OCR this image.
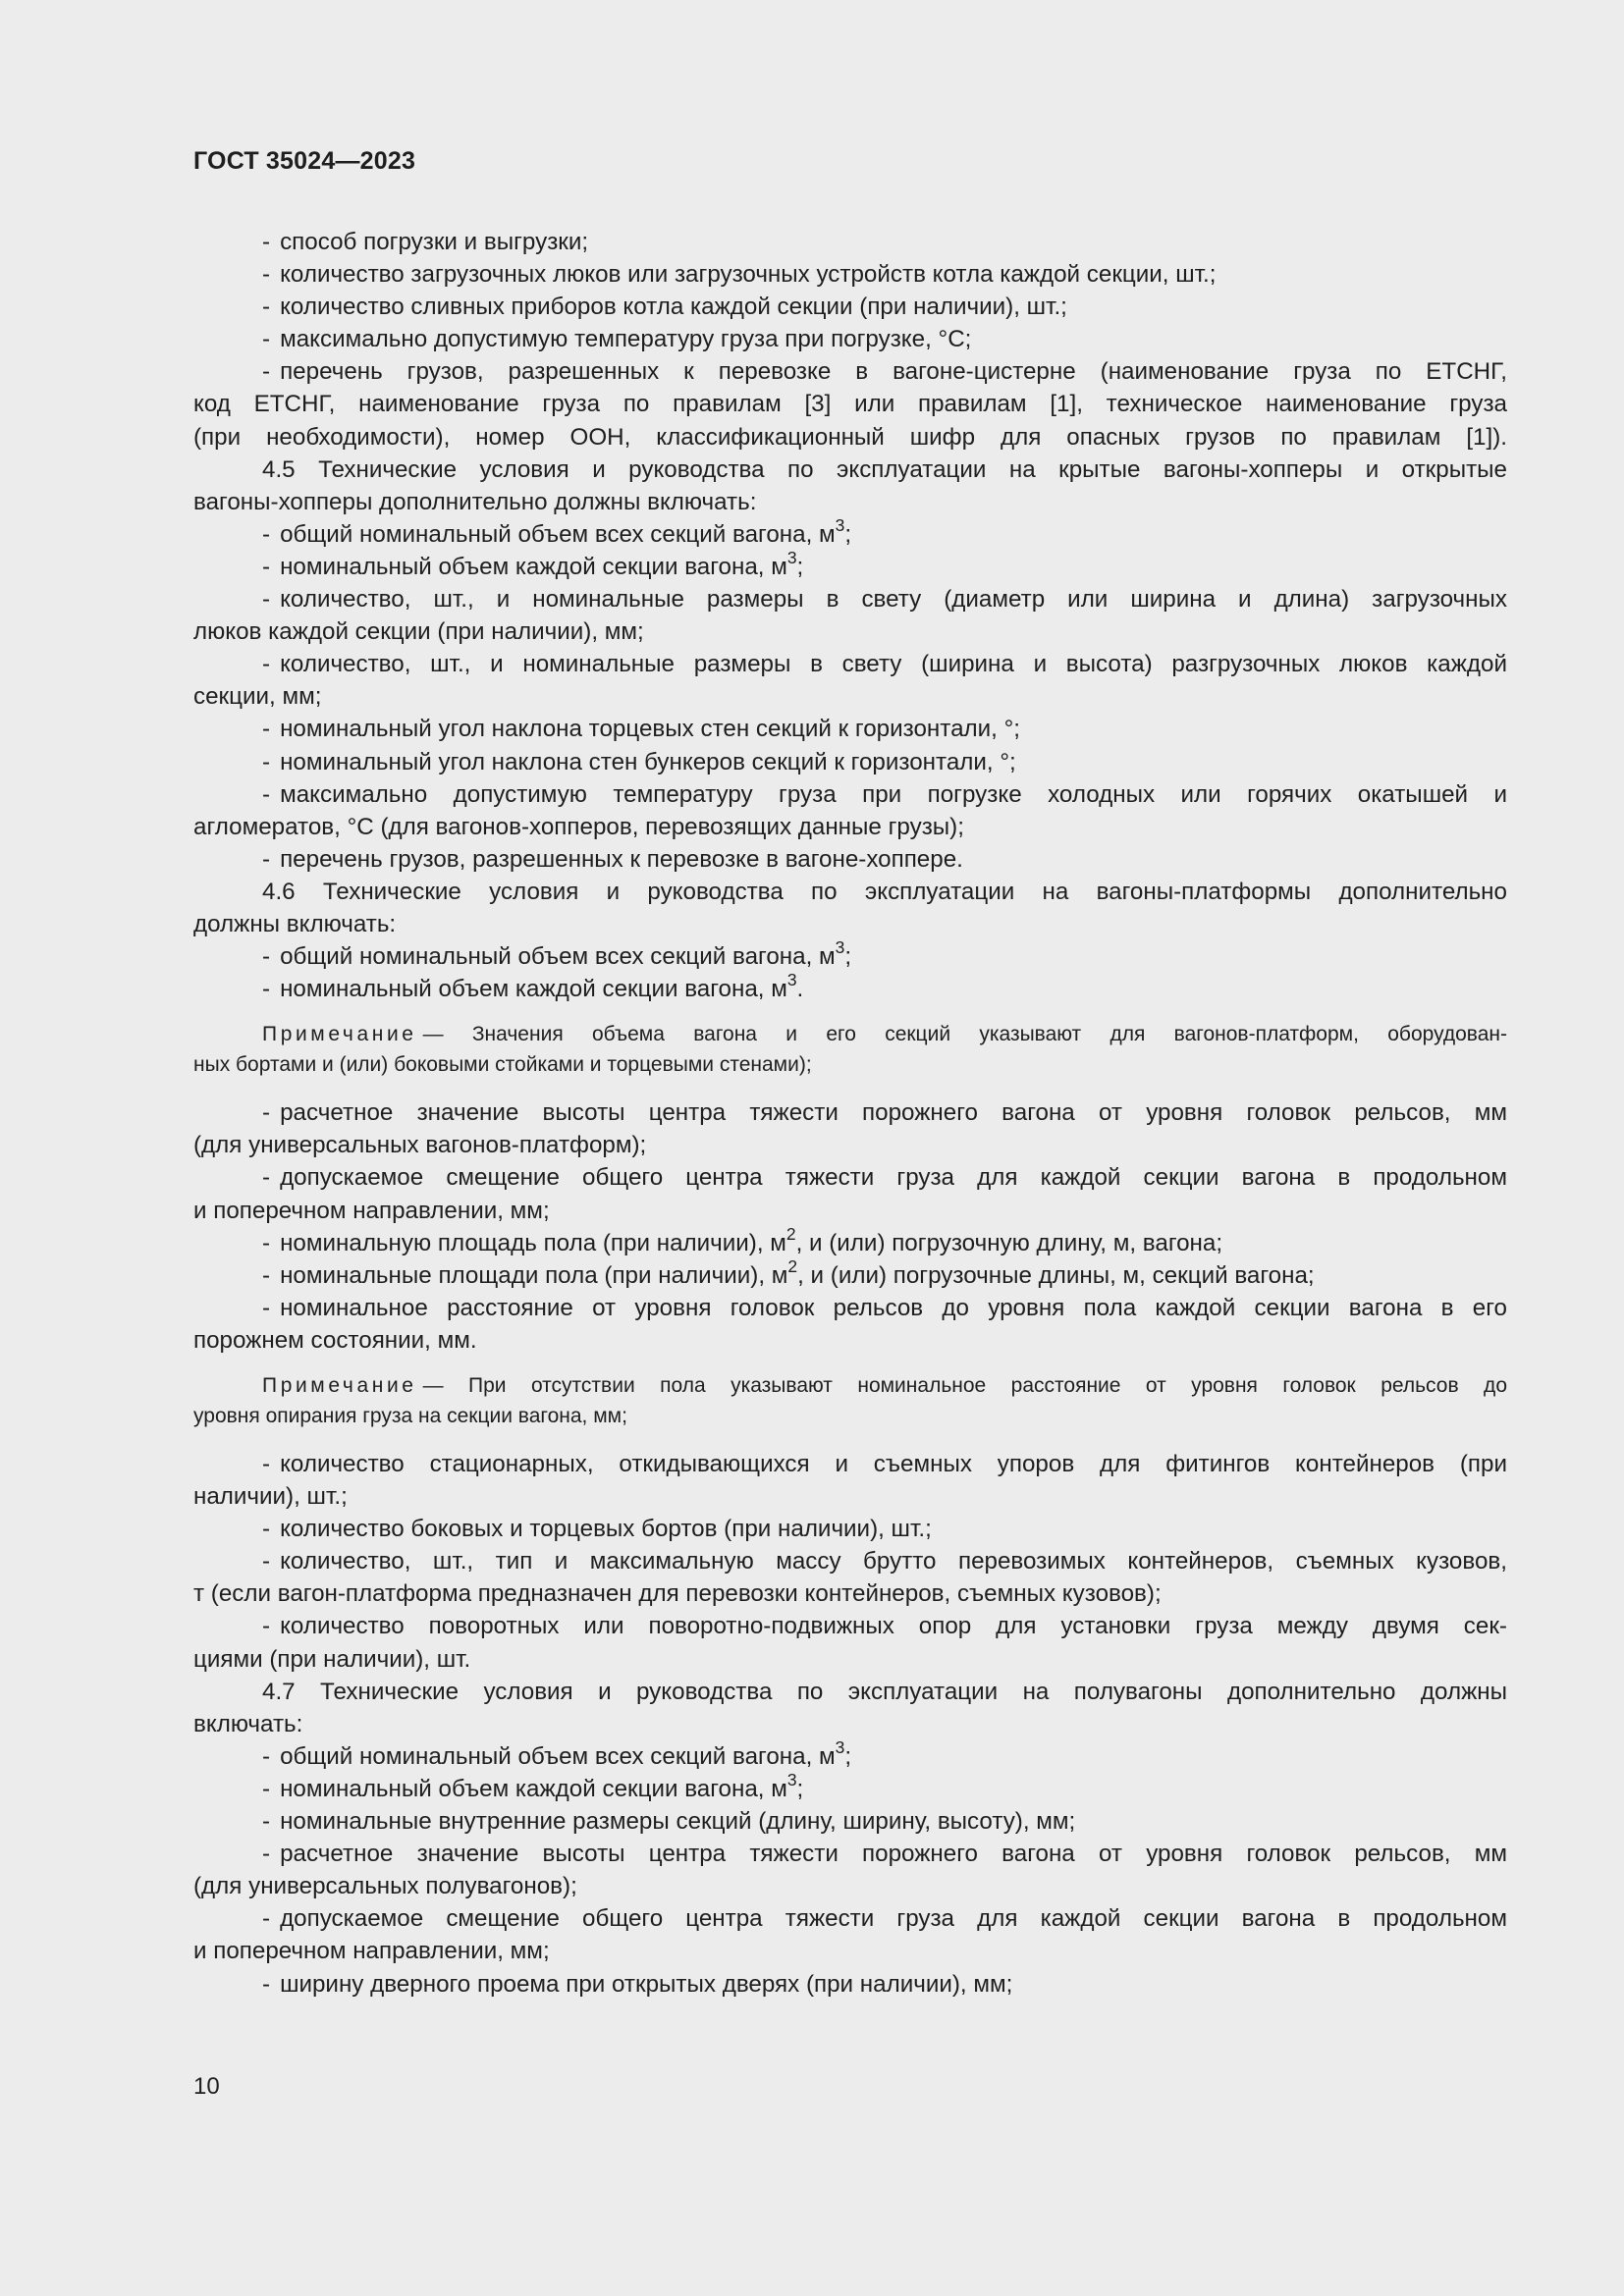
ГОСТ 35024—2023
- способ погрузки и выгрузки;
- количество загрузочных люков или загрузочных устройств котла каждой секции, шт.;
- количество сливных приборов котла каждой секции (при наличии), шт.;
- максимально допустимую температуру груза при погрузке, °С;
- перечень грузов, разрешенных к перевозке в вагоне-цистерне (наименование груза по ЕТСНГ,
код ЕТСНГ, наименование груза по правилам [3] или правилам [1], техническое наименование груза
(при необходимости), номер ООН, классификационный шифр для опасных грузов по правилам [1]).
4.5 Технические условия и руководства по эксплуатации на крытые вагоны-хопперы и открытые
вагоны-хопперы дополнительно должны включать:
- общий номинальный объем всех секций вагона, $м^3$;
- номинальный объем каждой секции вагона, $м^3$;
- количество, шт., и номинальные размеры в свету (диаметр или ширина и длина) загрузочных
люков каждой секции (при наличии), мм;
- количество, шт., и номинальные размеры в свету (ширина и высота) разгрузочных люков каждой
секции, мм;
- номинальный угол наклона торцевых стен секций к горизонтали, °;
- номинальный угол наклона стен бункеров секций к горизонтали, °;
- максимально допустимую температуру груза при погрузке холодных или горячих окатышей и
агломератов, °С (для вагонов-хопперов, перевозящих данные грузы);
- перечень грузов, разрешенных к перевозке в вагоне-хоппере.
4.6 Технические условия и руководства по эксплуатации на вагоны-платформы дополнительно
должны включать:
- общий номинальный объем всех секций вагона, $м^3$;
- номинальный объем каждой секции вагона, $м^3$.
Примечание — Значения объема вагона и его секций указывают для вагонов-платформ, оборудован-
ных бортами и (или) боковыми стойками и торцевыми стенами);
- расчетное значение высоты центра тяжести порожнего вагона от уровня головок рельсов, мм
(для универсальных вагонов-платформ);
- допускаемое смещение общего центра тяжести груза для каждой секции вагона в продольном
и поперечном направлении, мм;
- номинальную площадь пола (при наличии), $м^2$, и (или) погрузочную длину, м, вагона;
- номинальные площади пола (при наличии), $м^2$, и (или) погрузочные длины, м, секций вагона;
- номинальное расстояние от уровня головок рельсов до уровня пола каждой секции вагона в его
порожнем состоянии, мм.
Примечание — При отсутствии пола указывают номинальное расстояние от уровня головок рельсов до
уровня опирания груза на секции вагона, мм;
- количество стационарных, откидывающихся и съемных упоров для фитингов контейнеров (при
наличии), шт.;
- количество боковых и торцевых бортов (при наличии), шт.;
- количество, шт., тип и максимальную массу брутто перевозимых контейнеров, съемных кузовов,
т (если вагон-платформа предназначен для перевозки контейнеров, съемных кузовов);
- количество поворотных или поворотно-подвижных опор для установки груза между двумя сек-
циями (при наличии), шт.
4.7 Технические условия и руководства по эксплуатации на полувагоны дополнительно должны
включать:
- общий номинальный объем всех секций вагона, $м^3$;
- номинальный объем каждой секции вагона, $м^3$;
- номинальные внутренние размеры секций (длину, ширину, высоту), мм;
- расчетное значение высоты центра тяжести порожнего вагона от уровня головок рельсов, мм
(для универсальных полувагонов);
- допускаемое смещение общего центра тяжести груза для каждой секции вагона в продольном
и поперечном направлении, мм;
- ширину дверного проема при открытых дверях (при наличии), мм;
10
